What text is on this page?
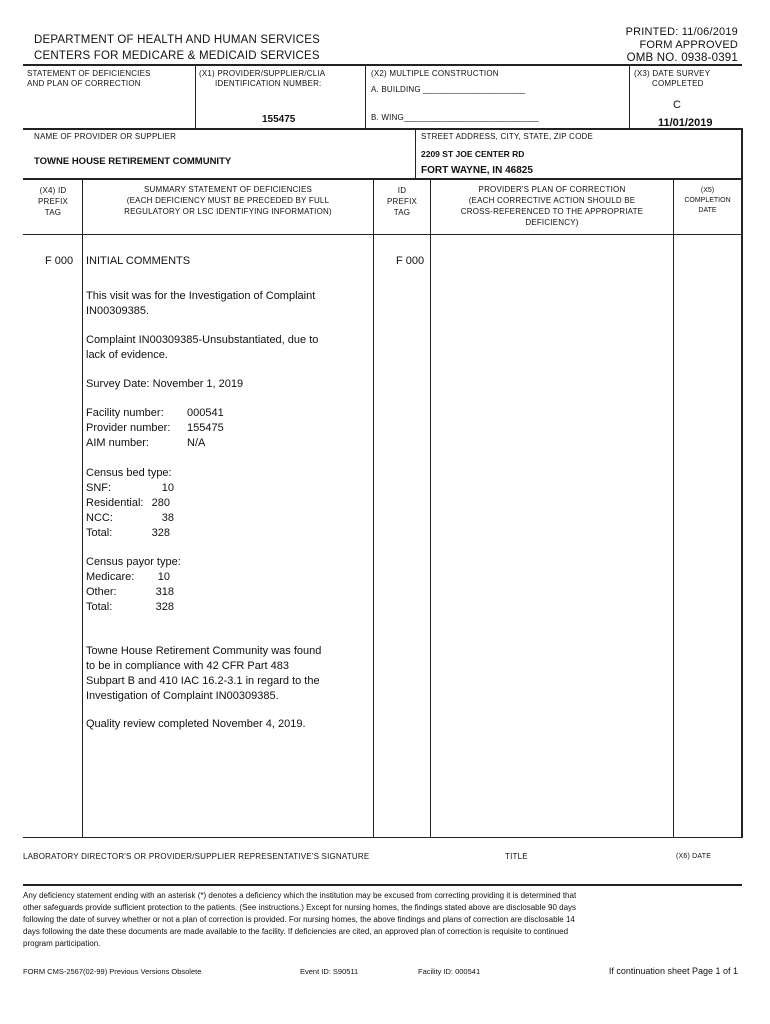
DEPARTMENT OF HEALTH AND HUMAN SERVICES
CENTERS FOR MEDICARE & MEDICAID SERVICES
PRINTED: 11/06/2019
FORM APPROVED
OMB NO. 0938-0391
STATEMENT OF DEFICIENCIES
AND PLAN OF CORRECTION
(X1) PROVIDER/SUPPLIER/CLIA
IDENTIFICATION NUMBER:
155475
(X2) MULTIPLE CONSTRUCTION
A. BUILDING ______________________
B. WING _____________________________
(X3) DATE SURVEY
COMPLETED
C
11/01/2019
NAME OF PROVIDER OR SUPPLIER
TOWNE HOUSE RETIREMENT COMMUNITY
STREET ADDRESS, CITY, STATE, ZIP CODE
2209 ST JOE CENTER RD
FORT WAYNE, IN 46825
(X4) ID
PREFIX
TAG
SUMMARY STATEMENT OF DEFICIENCIES
(EACH DEFICIENCY MUST BE PRECEDED BY FULL
REGULATORY OR LSC IDENTIFYING INFORMATION)
ID
PREFIX
TAG
PROVIDER'S PLAN OF CORRECTION
(EACH CORRECTIVE ACTION SHOULD BE
CROSS-REFERENCED TO THE APPROPRIATE
DEFICIENCY)
(X5)
COMPLETION
DATE
F 000	F 000
INITIAL COMMENTS
This visit was for the Investigation of Complaint
IN00309385.
Complaint IN00309385-Unsubstantiated, due to
lack of evidence.
Survey Date: November 1, 2019
Facility number: 000541
Provider number: 155475
AIM number:	N/A
Census bed type:
SNF:	10
Residential: 280
NCC:	38
Total:	328
Census payor type:
Medicare:	10
Other:	318
Total:	328
Towne House Retirement Community was found
to be in compliance with 42 CFR Part 483
Subpart B and 410 IAC 16.2-3.1 in regard to the
Investigation of Complaint IN00309385.
Quality review completed November 4, 2019.
LABORATORY DIRECTOR'S OR PROVIDER/SUPPLIER REPRESENTATIVE'S SIGNATURE	TITLE	(X6) DATE
Any deficiency statement ending with an asterisk (*) denotes a deficiency which the institution may be excused from correcting providing it is determined that
other safeguards provide sufficient protection to the patients. (See instructions.) Except for nursing homes, the findings stated above are disclosable 90 days
following the date of survey whether or not a plan of correction is provided. For nursing homes, the above findings and plans of correction are disclosable 14
days following the date these documents are made available to the facility. If deficiencies are cited, an approved plan of correction is requisite to continued
program participation.
FORM CMS-2567(02-99) Previous Versions Obsolete	Event ID: S90511	Facility ID: 000541	If continuation sheet Page 1 of 1
